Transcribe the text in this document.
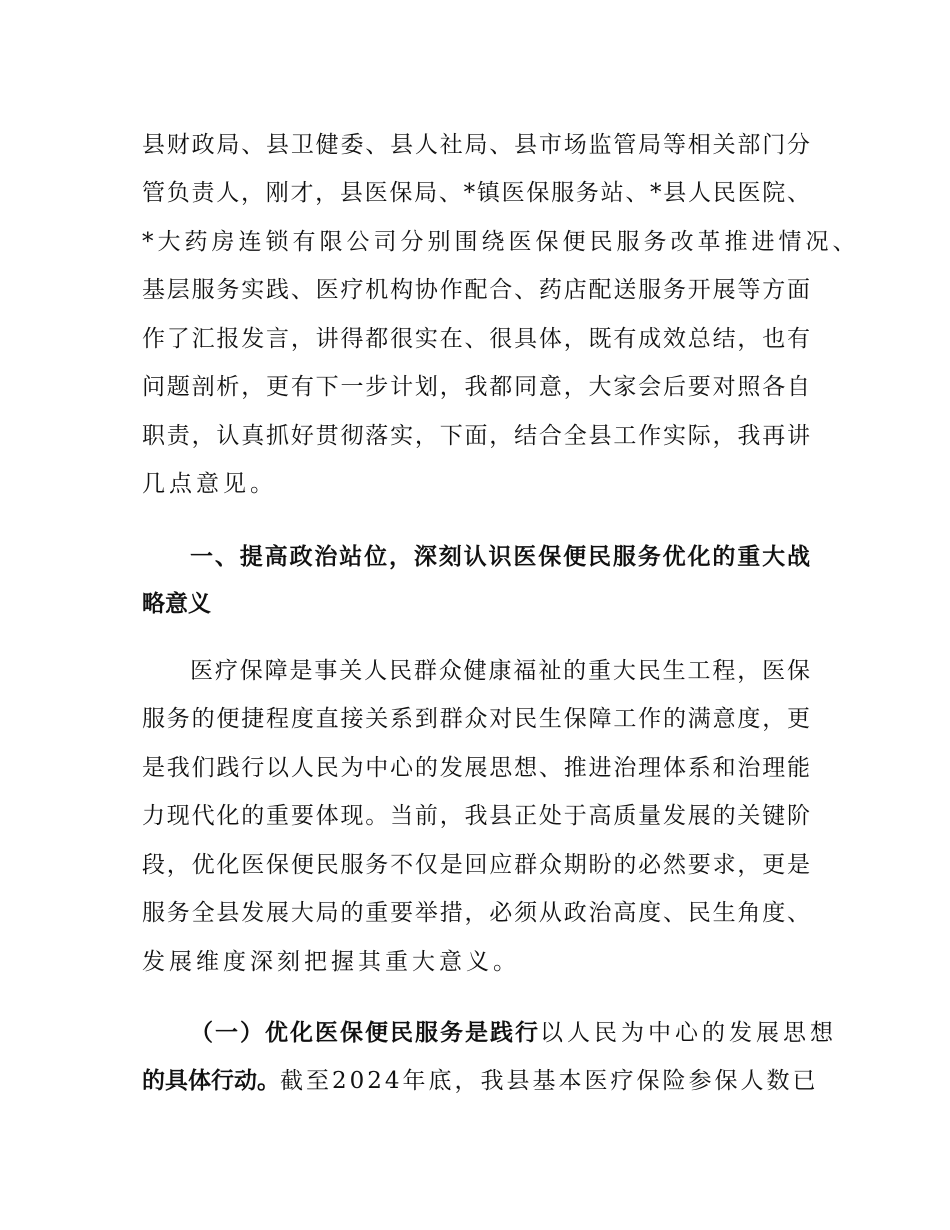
县财政局、县卫健委、县人社局、县市场监管局等相关部门分
管负责人，刚才，县医保局、*镇医保服务站、*县人民医院、
*大药房连锁有限公司分别围绕医保便民服务改革推进情况、
基层服务实践、医疗机构协作配合、药店配送服务开展等方面
作了汇报发言，讲得都很实在、很具体，既有成效总结，也有
问题剖析，更有下一步计划，我都同意，大家会后要对照各自
职责，认真抓好贯彻落实，下面，结合全县工作实际，我再讲
几点意见。
一、提高政治站位，深刻认识医保便民服务优化的重大战
略意义
医疗保障是事关人民群众健康福祉的重大民生工程，医保
服务的便捷程度直接关系到群众对民生保障工作的满意度，更
是我们践行以人民为中心的发展思想、推进治理体系和治理能
力现代化的重要体现。当前，我县正处于高质量发展的关键阶
段，优化医保便民服务不仅是回应群众期盼的必然要求，更是
服务全县发展大局的重要举措，必须从政治高度、民生角度、
发展维度深刻把握其重大意义。
（一）优化医保便民服务是践行以人民为中心的发展思想
的具体行动。截至2024年底，我县基本医疗保险参保人数已
